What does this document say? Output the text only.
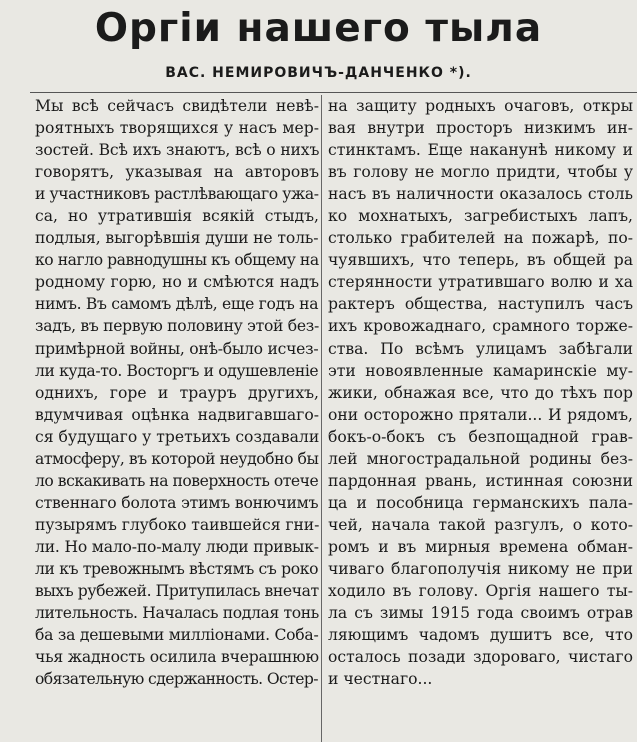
Оргіи нашего тыла
ВАС. НЕМИРОВИЧЪ-ДАНЧЕНКО *).
Мы всѣ сейчасъ свидѣтели невѣ-
роятныхъ творящихся у насъ мер-
зостей. Всѣ ихъ знаютъ, всѣ о нихъ
говорятъ, указывая на авторовъ
и участниковъ растлѣвающаго ужа-
са, но утратившія всякій стыдъ,
подлыя, выгорѣвшія души не толь-
ко нагло равнодушны къ общему на
родному горю, но и смѣются надъ
нимъ. Въ самомъ дѣлѣ, еще годъ на
задъ, въ первую половину этой без-
примѣрной войны, онѣ-было исчез-
ли куда-то. Восторгъ и одушевленіе
однихъ, горе и трауръ другихъ,
вдумчивая оцѣнка надвигавшаго-
ся будущаго у третьихъ создавали
атмосферу, въ которой неудобно бы
ло вскакивать на поверхность отече
ственнаго болота этимъ вонючимъ
пузырямъ глубоко таившейся гни-
ли. Но мало-по-малу люди привык-
ли къ тревожнымъ вѣстямъ съ роко
выхъ рубежей. Притупилась внечат
лительность. Началась подлая тонь
ба за дешевыми милліонами. Соба-
чья жадность осилила вчерашнюю
обязательную сдержанность. Остер-
на защиту родныхъ очаговъ, откры
вая внутри просторъ низкимъ ин-
стинктамъ. Еще наканунѣ никому и
въ голову не могло придти, чтобы у
насъ въ наличности оказалось столь
ко мохнатыхъ, загребистыхъ лапъ,
столько грабителей на пожарѣ, по-
чуявшихъ, что теперь, въ общей ра
стерянности утратившаго волю и ха
рактеръ общества, наступилъ часъ
ихъ кровожаднаго, срамного торже-
ства. По всѣмъ улицамъ забѣгали
эти новоявленные камаринскіе му-
жики, обнажая все, что до тѣхъ пор
они осторожно прятали... И рядомъ,
бокъ-о-бокъ съ безпощадной грав-
лей многострадальной родины без-
пардонная рвань, истинная союзни
ца и пособница германскихъ пала-
чей, начала такой разгулъ, о кото-
ромъ и въ мирныя времена обман-
чиваго благополучія никому не при
ходило въ голову. Оргія нашего ты-
ла съ зимы 1915 года своимъ отрав
ляющимъ чадомъ душитъ все, что
осталось позади здороваго, чистаго
и честнаго...
